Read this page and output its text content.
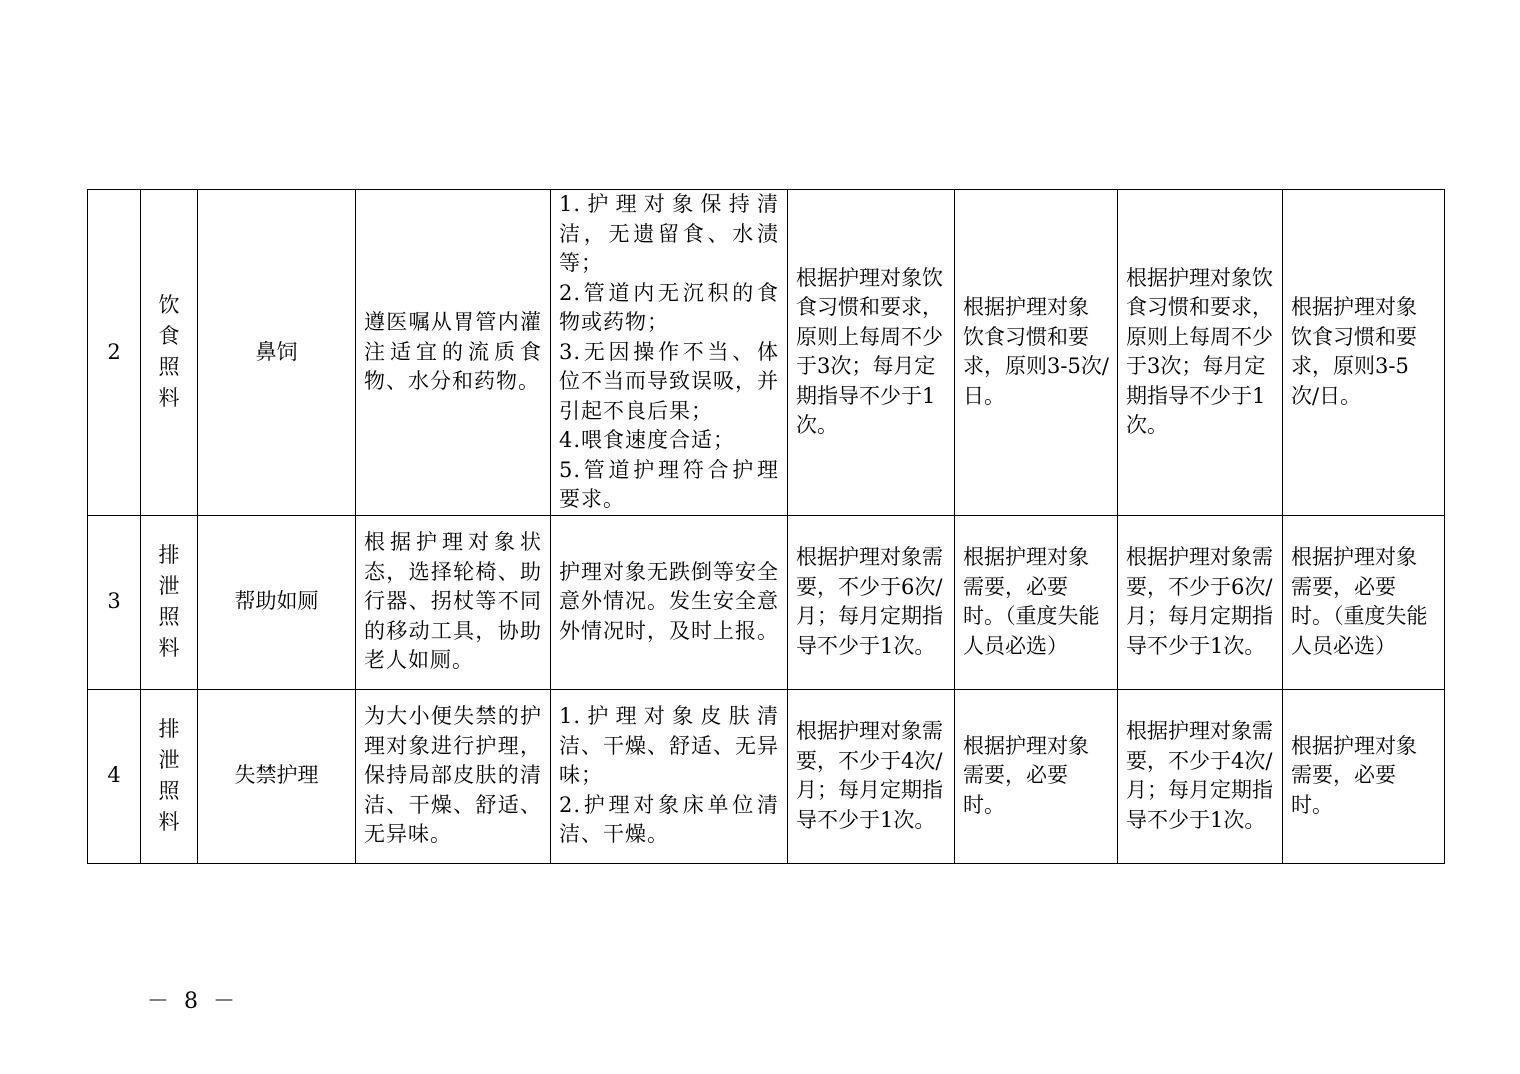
2	饮
食
照
料	鼻饲	遵医嘱从胃管内灌注适宜的流质食物、水分和药物。	1.护理对象保持清洁，无遗留食、水渍等；
2.管道内无沉积的食物或药物；
3.无因操作不当、体位不当而导致误吸，并引起不良后果；
4.喂食速度合适；
5.管道护理符合护理要求。	根据护理对象饮食习惯和要求，原则上每周不少于3次；每月定期指导不少于1次。	根据护理对象饮食习惯和要求，原则3-5次/日。	根据护理对象饮食习惯和要求，原则上每周不少于3次；每月定期指导不少于1次。	根据护理对象饮食习惯和要求，原则3-5次/日。
3	排
泄
照
料	帮助如厕	根据护理对象状态，选择轮椅、助行器、拐杖等不同的移动工具，协助老人如厕。	护理对象无跌倒等安全意外情况。发生安全意外情况时，及时上报。	根据护理对象需要，不少于6次/月；每月定期指导不少于1次。	根据护理对象需要，必要时。（重度失能人员必选）	根据护理对象需要，不少于6次/月；每月定期指导不少于1次。	根据护理对象需要，必要时。（重度失能人员必选）
4	排
泄
照
料	失禁护理	为大小便失禁的护理对象进行护理，保持局部皮肤的清洁、干燥、舒适、无异味。	1.护理对象皮肤清洁、干燥、舒适、无异味；
2.护理对象床单位清洁、干燥。	根据护理对象需要，不少于4次/月；每月定期指导不少于1次。	根据护理对象需要，必要时。	根据护理对象需要，不少于4次/月；每月定期指导不少于1次。	根据护理对象需要，必要时。
－ 8 －
